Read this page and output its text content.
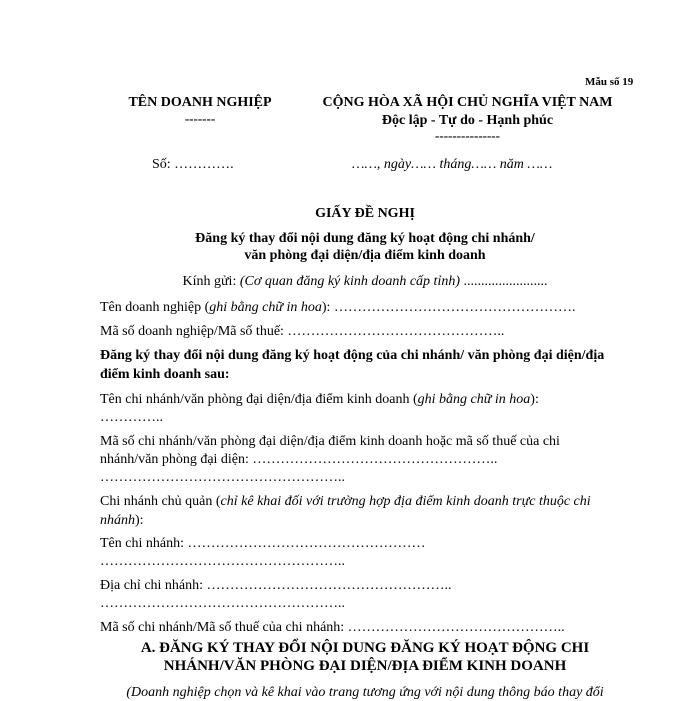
Mẫu số 19
TÊN DOANH NGHIỆP
-------
CỘNG HÒA XÃ HỘI CHỦ NGHĨA VIỆT NAM
Độc lập - Tự do - Hạnh phúc
---------------
Số: ………….	……, ngày…… tháng…… năm ……
GIẤY ĐỀ NGHỊ
Đăng ký thay đổi nội dung đăng ký hoạt động chi nhánh/
văn phòng đại diện/địa điểm kinh doanh
Kính gửi: (Cơ quan đăng ký kinh doanh cấp tỉnh) ........................
Tên doanh nghiệp (ghi bằng chữ in hoa): …………………………………………….
Mã số doanh nghiệp/Mã số thuế: ………………………………………..
Đăng ký thay đổi nội dung đăng ký hoạt động của chi nhánh/ văn phòng đại diện/địa điểm kinh doanh sau:
Tên chi nhánh/văn phòng đại diện/địa điểm kinh doanh (ghi bằng chữ in hoa):
…………..
Mã số chi nhánh/văn phòng đại diện/địa điểm kinh doanh hoặc mã số thuế của chi
nhánh/văn phòng đại diện: ……………………………………………..
……………………………………………..
Chi nhánh chủ quản (chỉ kê khai đối với trường hợp địa điểm kinh doanh trực thuộc chi nhánh):
Tên chi nhánh: ……………………………………………
……………………………………………..
Địa chỉ chi nhánh: ……………………………………………..
……………………………………………..
Mã số chi nhánh/Mã số thuế của chi nhánh: ………………………………………..
A. ĐĂNG KÝ THAY ĐỔI NỘI DUNG ĐĂNG KÝ HOẠT ĐỘNG CHI
NHÁNH/VĂN PHÒNG ĐẠI DIỆN/ĐỊA ĐIỂM KINH DOANH
(Doanh nghiệp chọn và kê khai vào trang tương ứng với nội dung thông báo thay đổi
